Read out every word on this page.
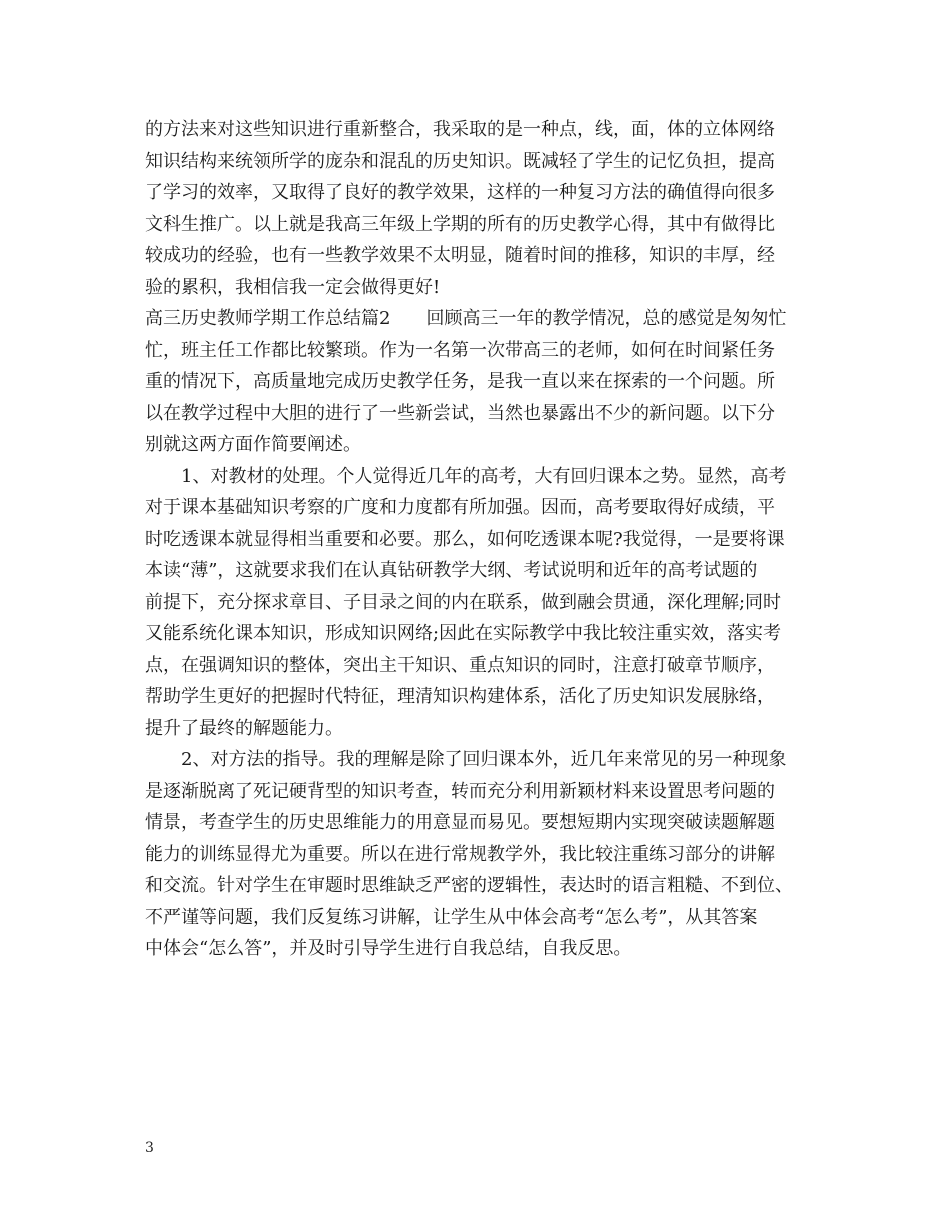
的方法来对这些知识进行重新整合，我采取的是一种点，线，面，体的立体网络
知识结构来统领所学的庞杂和混乱的历史知识。既减轻了学生的记忆负担，提高
了学习的效率，又取得了良好的教学效果，这样的一种复习方法的确值得向很多
文科生推广。以上就是我高三年级上学期的所有的历史教学心得，其中有做得比
较成功的经验，也有一些教学效果不太明显，随着时间的推移，知识的丰厚，经
验的累积，我相信我一定会做得更好!
高三历史教师学期工作总结篇2　　回顾高三一年的教学情况，总的感觉是匆匆忙
忙，班主任工作都比较繁琐。作为一名第一次带高三的老师，如何在时间紧任务
重的情况下，高质量地完成历史教学任务，是我一直以来在探索的一个问题。所
以在教学过程中大胆的进行了一些新尝试，当然也暴露出不少的新问题。以下分
别就这两方面作简要阐述。
1、对教材的处理。个人觉得近几年的高考，大有回归课本之势。显然，高考
对于课本基础知识考察的广度和力度都有所加强。因而，高考要取得好成绩，平
时吃透课本就显得相当重要和必要。那么，如何吃透课本呢?我觉得，一是要将课
本读“薄”，这就要求我们在认真钻研教学大纲、考试说明和近年的高考试题的
前提下，充分探求章目、子目录之间的内在联系，做到融会贯通，深化理解;同时
又能系统化课本知识，形成知识网络;因此在实际教学中我比较注重实效，落实考
点，在强调知识的整体，突出主干知识、重点知识的同时，注意打破章节顺序，
帮助学生更好的把握时代特征，理清知识构建体系，活化了历史知识发展脉络，
提升了最终的解题能力。
2、对方法的指导。我的理解是除了回归课本外，近几年来常见的另一种现象
是逐渐脱离了死记硬背型的知识考查，转而充分利用新颖材料来设置思考问题的
情景，考查学生的历史思维能力的用意显而易见。要想短期内实现突破读题解题
能力的训练显得尤为重要。所以在进行常规教学外，我比较注重练习部分的讲解
和交流。针对学生在审题时思维缺乏严密的逻辑性，表达时的语言粗糙、不到位、
不严谨等问题，我们反复练习讲解，让学生从中体会高考“怎么考”，从其答案
中体会“怎么答”，并及时引导学生进行自我总结，自我反思。
3
